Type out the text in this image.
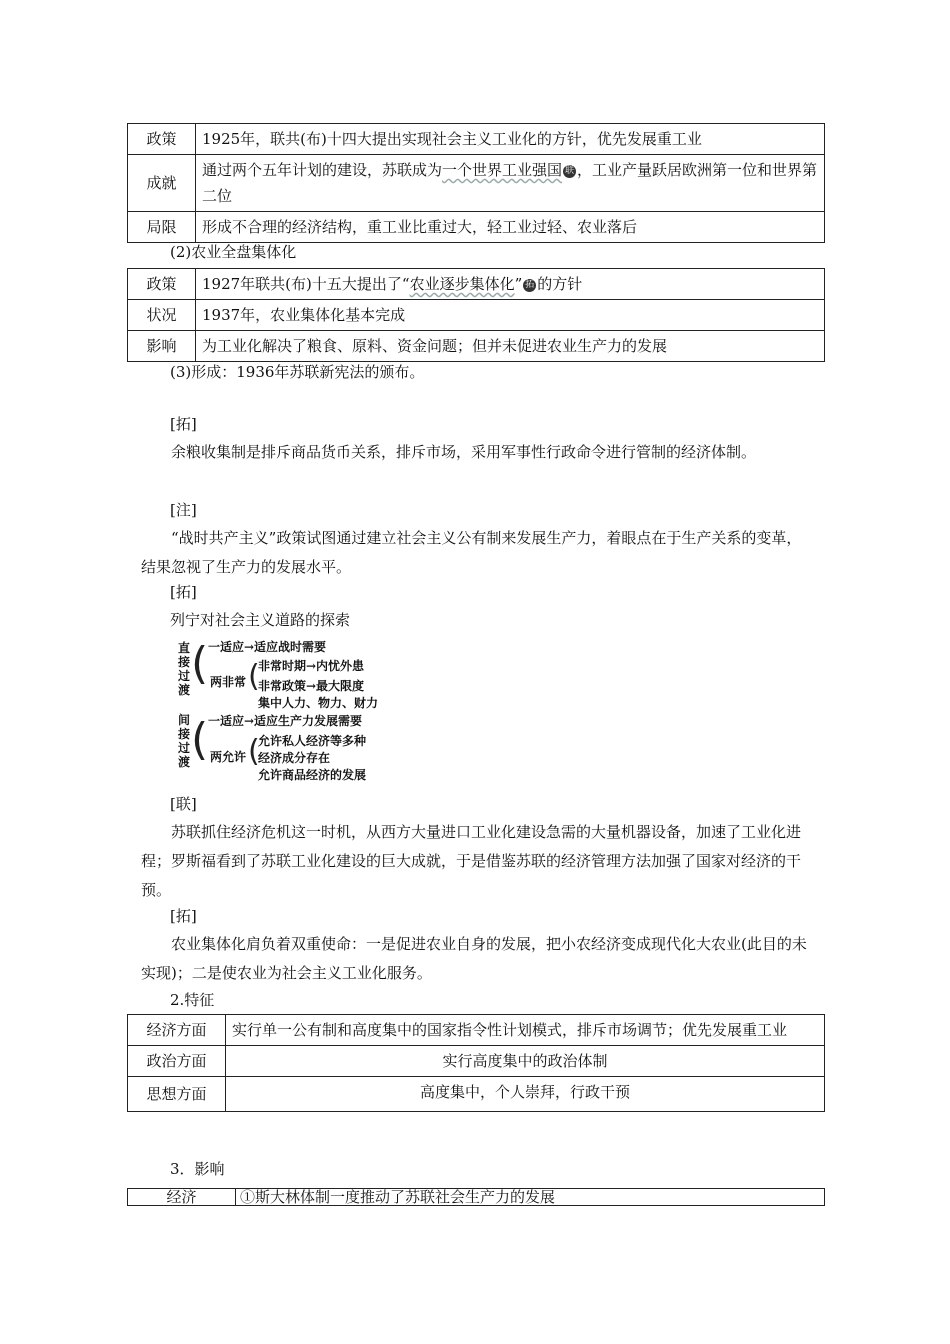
政策	1925年，联共(布)十四大提出实现社会主义工业化的方针，优先发展重工业
成就	通过两个五年计划的建设，苏联成为一个世界工业强国 联 ，工业产量跃居欧洲第一位和世界第二位
局限	形成不合理的经济结构，重工业比重过大，轻工业过轻、农业落后
(2)农业全盘集体化
政策	1927年联共(布)十五大提出了“农业逐步集体化” 拓 的方针
状况	1937年，农业集体化基本完成
影响	为工业化解决了粮食、原料、资金问题；但并未促进农业生产力的发展
(3)形成：1936年苏联新宪法的颁布。
[拓]
余粮收集制是排斥商品货币关系，排斥市场，采用军事性行政命令进行管制的经济体制。
[注]
“战时共产主义”政策试图通过建立社会主义公有制来发展生产力，着眼点在于生产关系的变革，结果忽视了生产力的发展水平。
[拓]
列宁对社会主义道路的探索
直接过渡
( 一适应→适应战时需要
两非常 (
非常时期→内忧外患
非常政策→最大限度
集中人力、物力、财力
间接过渡 ( 一适应→适应生产力发展需要
两允许 (
允许私人经济等多种
经济成分存在
允许商品经济的发展
[联]
苏联抓住经济危机这一时机，从西方大量进口工业化建设急需的大量机器设备，加速了工业化进程；罗斯福看到了苏联工业化建设的巨大成就，于是借鉴苏联的经济管理方法加强了国家对经济的干预。
[拓]
农业集体化肩负着双重使命：一是促进农业自身的发展，把小农经济变成现代化大农业(此目的未实现)；二是使农业为社会主义工业化服务。
2.特征
经济方面	实行单一公有制和高度集中的国家指令性计划模式，排斥市场调节；优先发展重工业
政治方面	实行高度集中的政治体制
思想方面	高度集中，个人崇拜，行政干预
3．影响
经济	①斯大林体制一度推动了苏联社会生产力的发展
